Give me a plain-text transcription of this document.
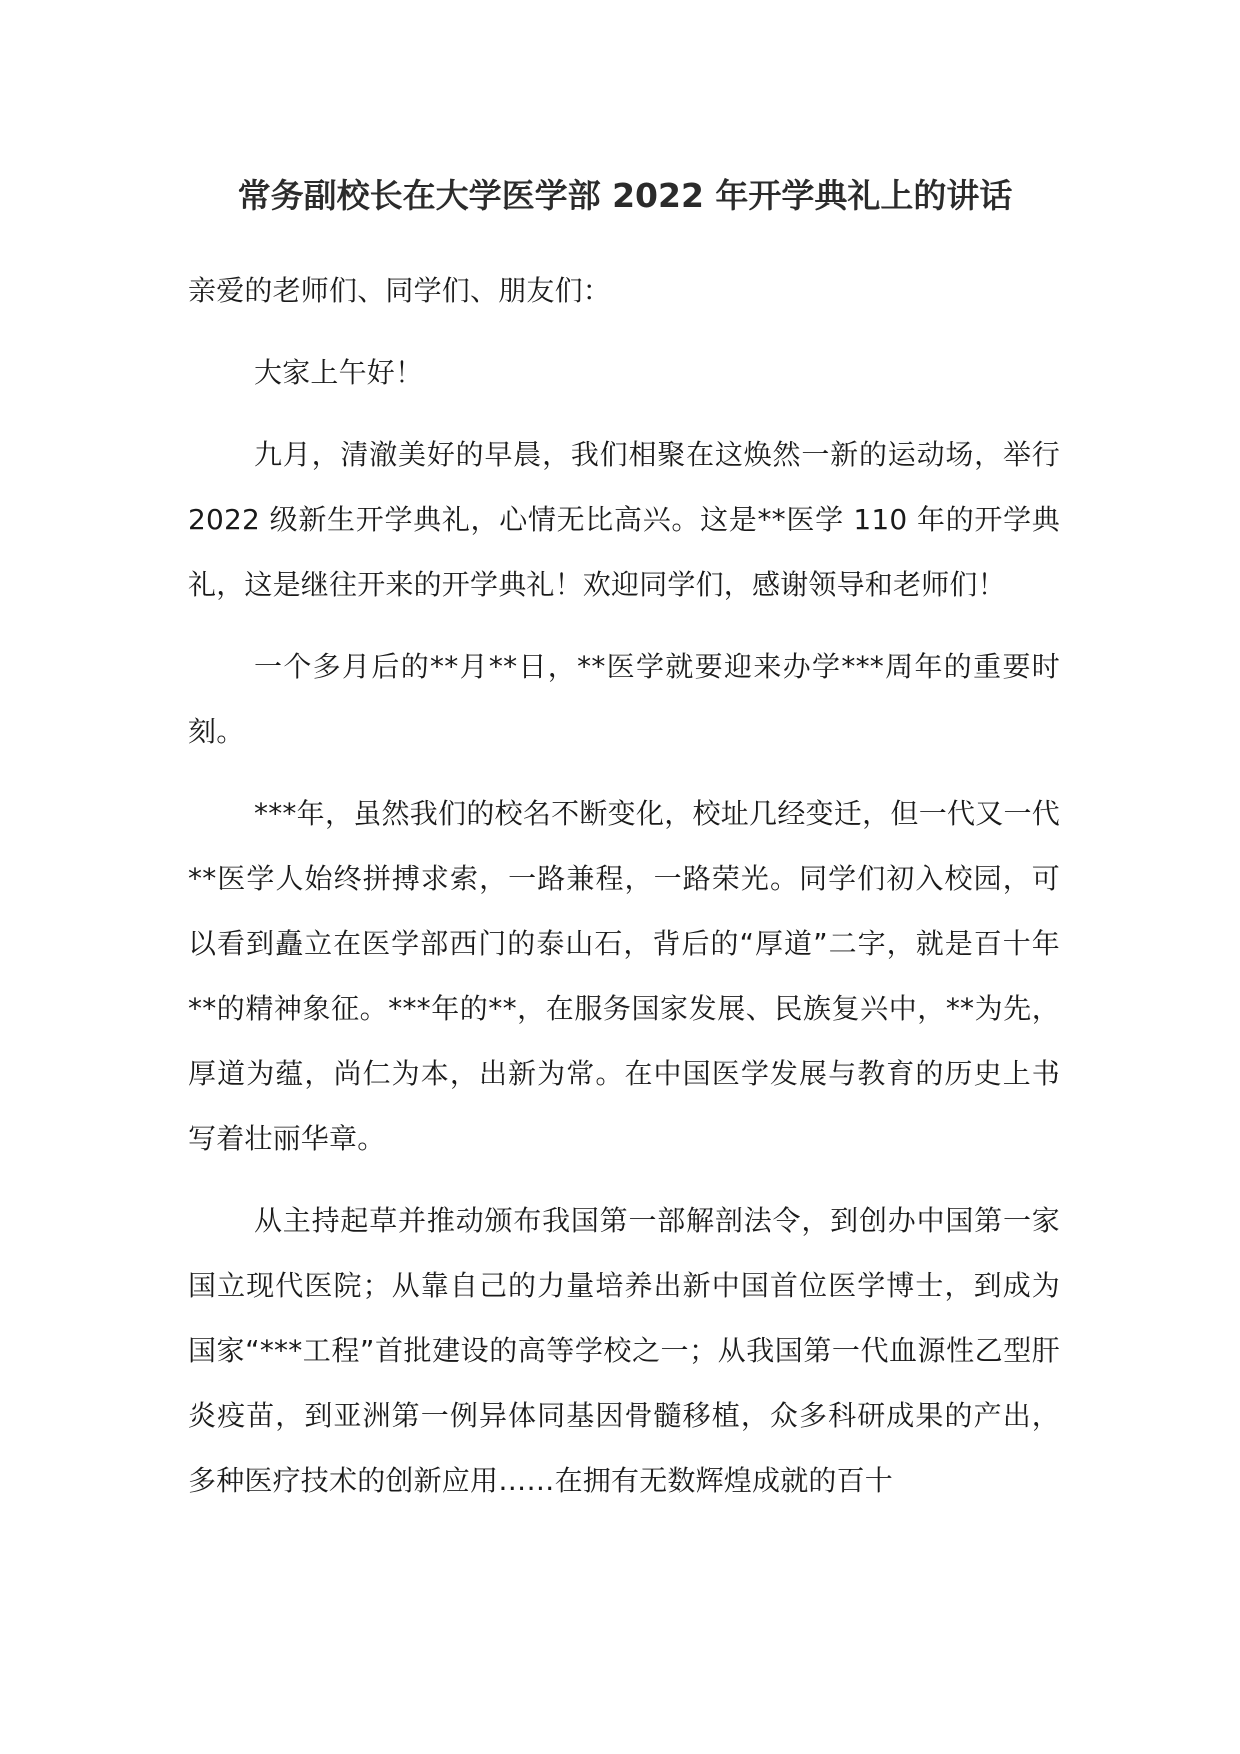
常务副校长在大学医学部 2022 年开学典礼上的讲话

亲爱的老师们、同学们、朋友们：

大家上午好！

九月，清澈美好的早晨，我们相聚在这焕然一新的运动场，举行 2022 级新生开学典礼，心情无比高兴。这是**医学 110 年的开学典礼，这是继往开来的开学典礼！欢迎同学们，感谢领导和老师们！

一个多月后的**月**日，**医学就要迎来办学***周年的重要时刻。

***年，虽然我们的校名不断变化，校址几经变迁，但一代又一代**医学人始终拼搏求索，一路兼程，一路荣光。同学们初入校园，可以看到矗立在医学部西门的泰山石，背后的“厚道”二字，就是百十年**的精神象征。***年的**，在服务国家发展、民族复兴中，**为先，厚道为蕴，尚仁为本，出新为常。在中国医学发展与教育的历史上书写着壮丽华章。

从主持起草并推动颁布我国第一部解剖法令，到创办中国第一家国立现代医院；从靠自己的力量培养出新中国首位医学博士，到成为国家“***工程”首批建设的高等学校之一；从我国第一代血源性乙型肝炎疫苗，到亚洲第一例异体同基因骨髓移植，众多科研成果的产出，多种医疗技术的创新应用……在拥有无数辉煌成就的百十
